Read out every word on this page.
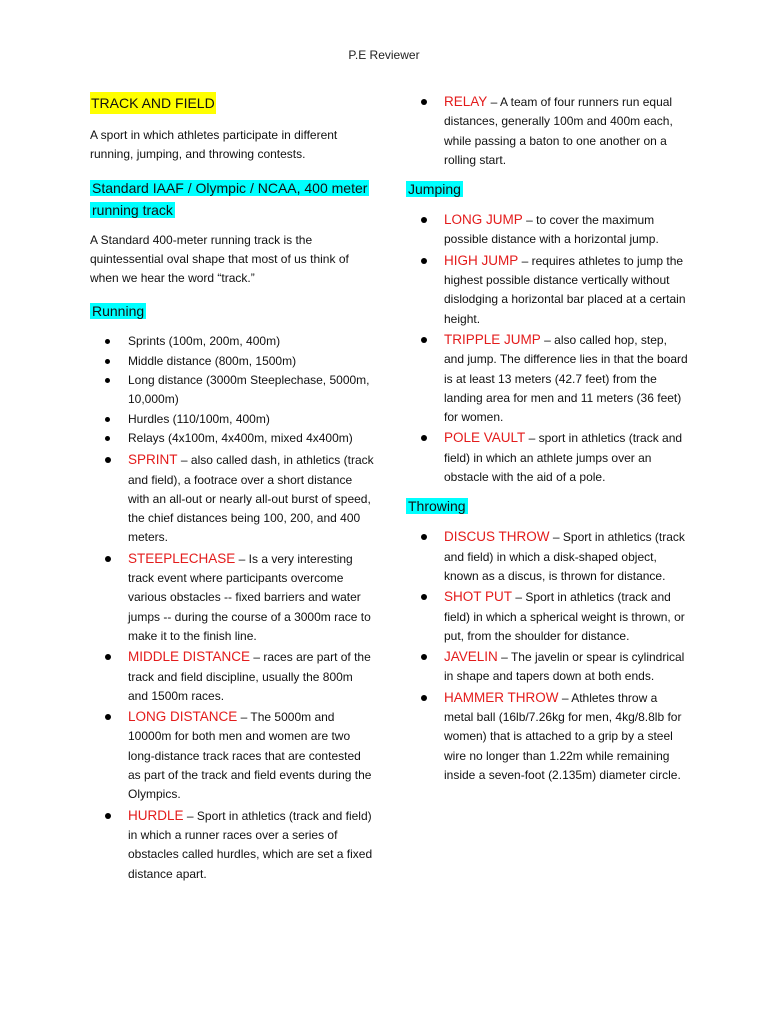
P.E Reviewer
TRACK AND FIELD

A sport in which athletes participate in different running, jumping, and throwing contests.

Standard IAAF / Olympic / NCAA, 400 meter running track

A Standard 400-meter running track is the quintessential oval shape that most of us think of when we hear the word “track.”

Running
Sprints (100m, 200m, 400m)
Middle distance (800m, 1500m)
Long distance (3000m Steeplechase, 5000m, 10,000m)
Hurdles (110/100m, 400m)
Relays (4x100m, 4x400m, mixed 4x400m)
SPRINT – also called dash, in athletics (track and field), a footrace over a short distance with an all-out or nearly all-out burst of speed, the chief distances being 100, 200, and 400 meters.
STEEPLECHASE – Is a very interesting track event where participants overcome various obstacles -- fixed barriers and water jumps -- during the course of a 3000m race to make it to the finish line.
MIDDLE DISTANCE – races are part of the track and field discipline, usually the 800m and 1500m races.
LONG DISTANCE – The 5000m and 10000m for both men and women are two long-distance track races that are contested as part of the track and field events during the Olympics.
HURDLE – Sport in athletics (track and field) in which a runner races over a series of obstacles called hurdles, which are set a fixed distance apart.
RELAY – A team of four runners run equal distances, generally 100m and 400m each, while passing a baton to one another on a rolling start.
Jumping
LONG JUMP – to cover the maximum possible distance with a horizontal jump.
HIGH JUMP – requires athletes to jump the highest possible distance vertically without dislodging a horizontal bar placed at a certain height.
TRIPPLE JUMP – also called hop, step, and jump. The difference lies in that the board is at least 13 meters (42.7 feet) from the landing area for men and 11 meters (36 feet) for women.
POLE VAULT – sport in athletics (track and field) in which an athlete jumps over an obstacle with the aid of a pole.
Throwing
DISCUS THROW – Sport in athletics (track and field) in which a disk-shaped object, known as a discus, is thrown for distance.
SHOT PUT – Sport in athletics (track and field) in which a spherical weight is thrown, or put, from the shoulder for distance.
JAVELIN – The javelin or spear is cylindrical in shape and tapers down at both ends.
HAMMER THROW – Athletes throw a metal ball (16lb/7.26kg for men, 4kg/8.8lb for women) that is attached to a grip by a steel wire no longer than 1.22m while remaining inside a seven-foot (2.135m) diameter circle.
